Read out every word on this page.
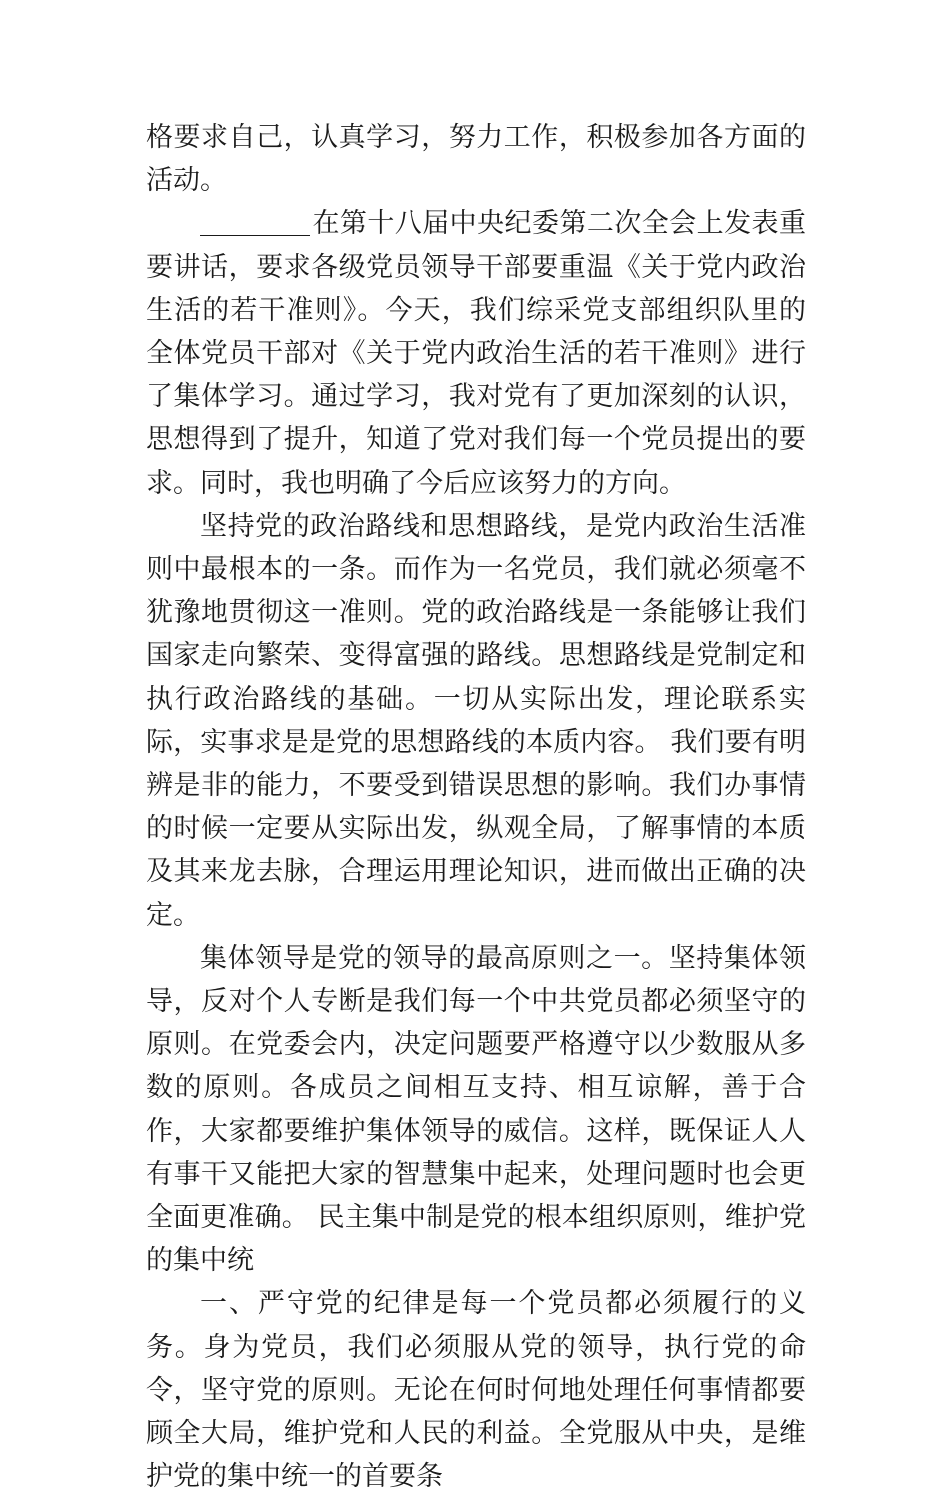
格要求自己，认真学习，努力工作，积极参加各方面的活动。

在第十八届中央纪委第二次全会上发表重要讲话，要求各级党员领导干部要重温《关于党内政治生活的若干准则》。今天，我们综采党支部组织队里的全体党员干部对《关于党内政治生活的若干准则》进行了集体学习。通过学习，我对党有了更加深刻的认识，思想得到了提升，知道了党对我们每一个党员提出的要求。同时，我也明确了今后应该努力的方向。

坚持党的政治路线和思想路线，是党内政治生活准则中最根本的一条。而作为一名党员，我们就必须毫不犹豫地贯彻这一准则。党的政治路线是一条能够让我们国家走向繁荣、变得富强的路线。思想路线是党制定和执行政治路线的基础。一切从实际出发，理论联系实际，实事求是是党的思想路线的本质内容。 我们要有明辨是非的能力，不要受到错误思想的影响。我们办事情的时候一定要从实际出发，纵观全局，了解事情的本质及其来龙去脉，合理运用理论知识，进而做出正确的决定。

集体领导是党的领导的最高原则之一。坚持集体领导，反对个人专断是我们每一个中共党员都必须坚守的原则。在党委会内，决定问题要严格遵守以少数服从多数的原则。各成员之间相互支持、相互谅解，善于合作，大家都要维护集体领导的威信。这样，既保证人人有事干又能把大家的智慧集中起来，处理问题时也会更全面更准确。 民主集中制是党的根本组织原则，维护党的集中统

一、严守党的纪律是每一个党员都必须履行的义务。身为党员，我们必须服从党的领导，执行党的命令，坚守党的原则。无论在何时何地处理任何事情都要顾全大局，维护党和人民的利益。全党服从中央，是维护党的集中统一的首要条
